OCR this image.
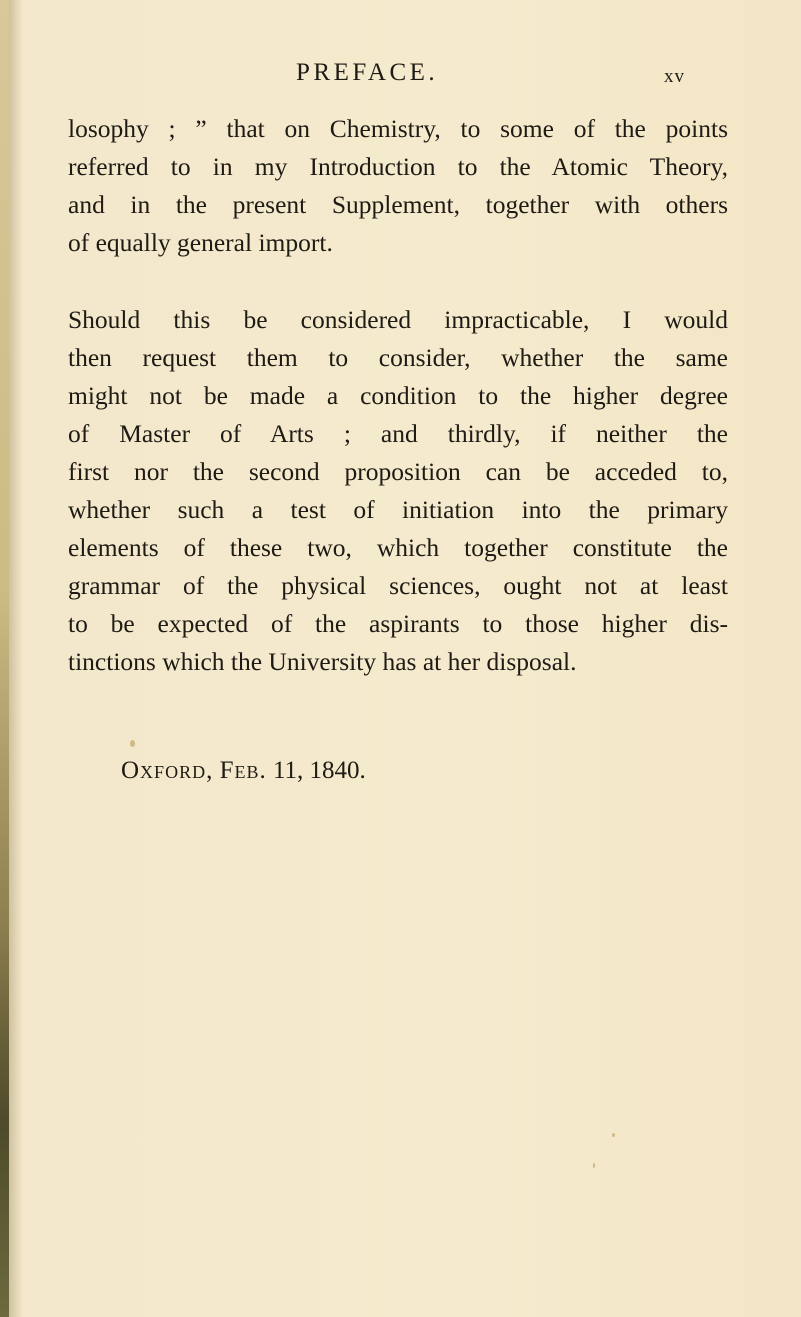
PREFACE.	xv
losophy ; ” that on Chemistry, to some of the points
referred to in my Introduction to the Atomic Theory,
and in the present Supplement, together with others
of equally general import.
Should this be considered impracticable, I would
then request them to consider, whether the same
might not be made a condition to the higher degree
of Master of Arts ; and thirdly, if neither the
first nor the second proposition can be acceded to,
whether such a test of initiation into the primary
elements of these two, which together constitute the
grammar of the physical sciences, ought not at least
to be expected of the aspirants to those higher dis-
tinctions which the University has at her disposal.
Oxford, Feb. 11, 1840.
